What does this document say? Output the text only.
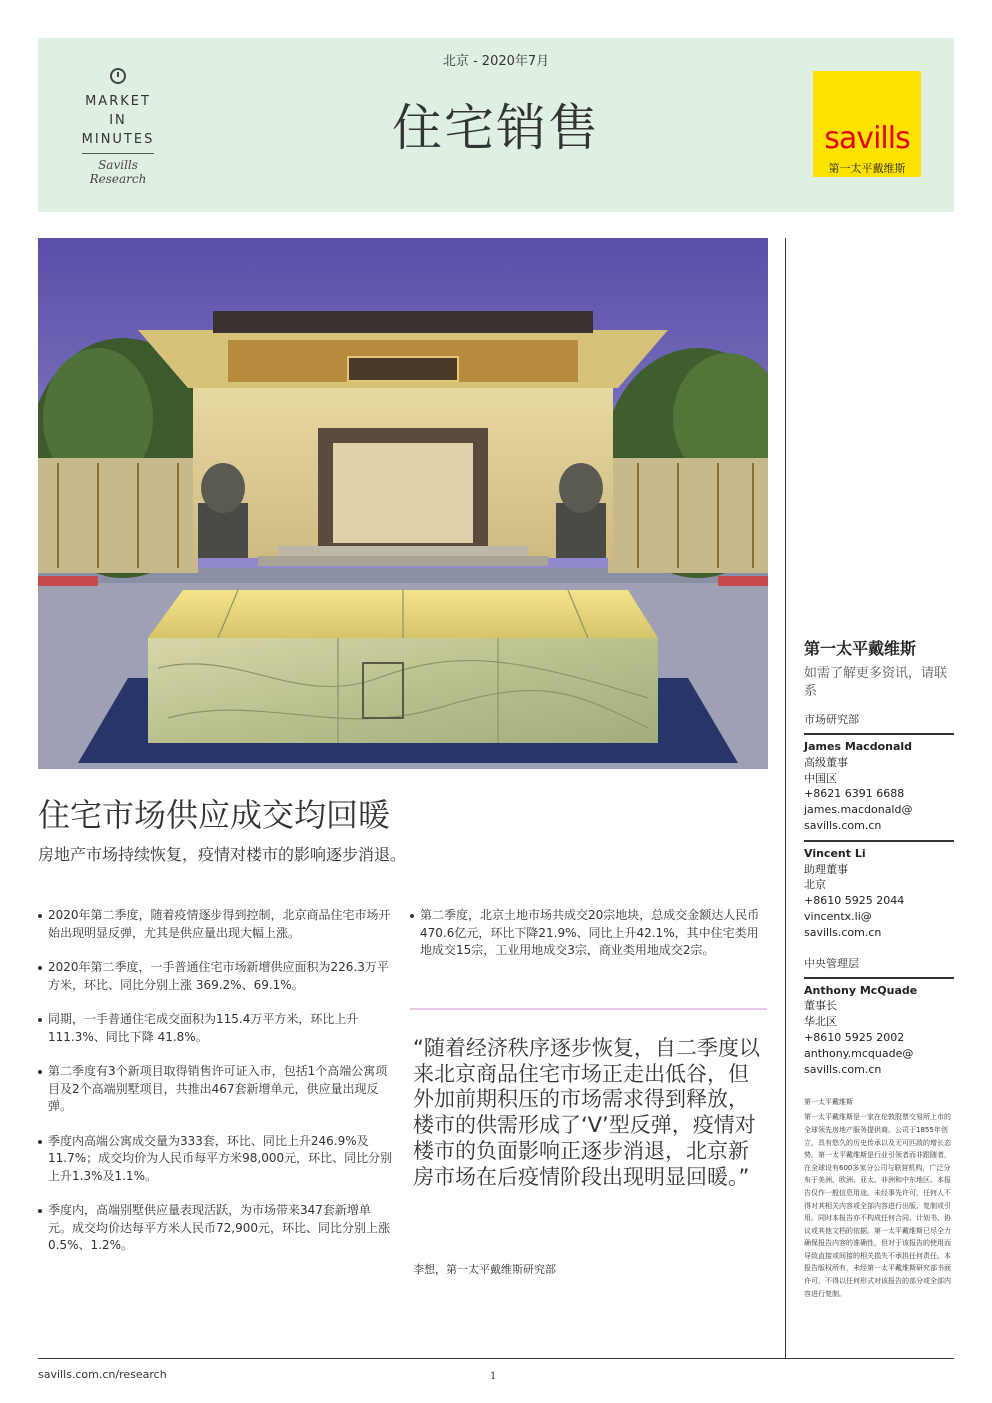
北京 - 2020年7月
住宅销售
MARKET
IN
MINUTES
Savills Research
savills
第一太平戴维斯
第一太平戴维斯
如需了解更多资讯，请联系
市场研究部
James Macdonald
高级董事
中国区
+8621 6391 6688
james.macdonald@
savills.com.cn
Vincent Li
助理董事
北京
+8610 5925 2044
vincentx.li@
savills.com.cn
中央管理层
Anthony McQuade
董事长
华北区
+8610 5925 2002
anthony.mcquade@
savills.com.cn
第一太平戴维斯
第一太平戴维斯是一家在伦敦股票交易所上市的全球领先房地产服务提供商。公司于1855年创立，具有悠久的历史传承以及无可匹敌的增长态势。第一太平戴维斯是行业引领者而非跟随者，在全球设有600多家分公司与联营机构，广泛分布于美洲、欧洲、亚太、非洲和中东地区。本报告仅作一般信息用途。未经事先许可，任何人不得对其相关内容或全部内容进行出版、复制或引用。同时本报告亦不构成任何合同、计划书、协议或其他文档的依据。第一太平戴维斯已尽全力确保报告内容的准确性，但对于该报告的使用而导致直接或间接的相关损失不承担任何责任。本报告版权所有，未经第一太平戴维斯研究部书面许可，不得以任何形式对该报告的部分或全部内容进行复制。
住宅市场供应成交均回暖
房地产市场持续恢复，疫情对楼市的影响逐步消退。
2020年第二季度，随着疫情逐步得到控制，北京商品住宅市场开始出现明显反弹，尤其是供应量出现大幅上涨。
2020年第二季度，一手普通住宅市场新增供应面积为226.3万平方米，环比、同比分别上涨 369.2%、69.1%。
同期，一手普通住宅成交面积为115.4万平方米，环比上升111.3%、同比下降 41.8%。
第二季度有3个新项目取得销售许可证入市，包括1个高端公寓项目及2个高端别墅项目，共推出467套新增单元，供应量出现反弹。
季度内高端公寓成交量为333套，环比、同比上升246.9%及11.7%；成交均价为人民币每平方米98,000元，环比、同比分别上升1.3%及1.1%。
季度内，高端别墅供应量表现活跃，为市场带来347套新增单元。成交均价达每平方米人民币72,900元，环比、同比分别上涨0.5%、1.2%。
第二季度，北京土地市场共成交20宗地块，总成交金额达人民币470.6亿元，环比下降21.9%、同比上升42.1%，其中住宅类用地成交15宗，工业用地成交3宗，商业类用地成交2宗。
“随着经济秩序逐步恢复，自二季度以来北京商品住宅市场正走出低谷，但外加前期积压的市场需求得到释放，楼市的供需形成了‘V’型反弹，疫情对楼市的负面影响正逐步消退，北京新房市场在后疫情阶段出现明显回暖。”
李想，第一太平戴维斯研究部
savills.com.cn/research	1
